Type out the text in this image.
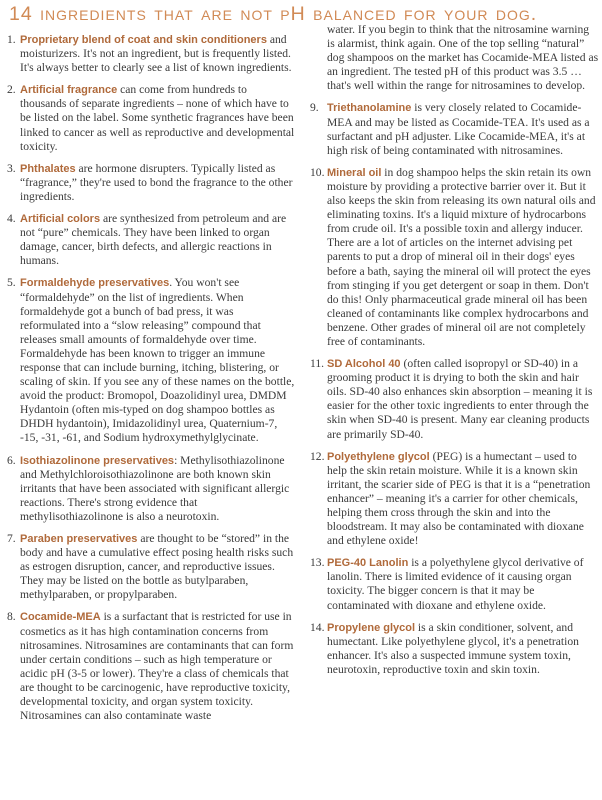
14 ingredients that are not pH balanced for your dog.
1. Proprietary blend of coat and skin conditioners and moisturizers. It's not an ingredient, but is frequently listed. It's always better to clearly see a list of known ingredients.
2. Artificial fragrance can come from hundreds to thousands of separate ingredients – none of which have to be listed on the label. Some synthetic fragrances have been linked to cancer as well as reproductive and developmental toxicity.
3. Phthalates are hormone disrupters. Typically listed as “fragrance,” they're used to bond the fragrance to the other ingredients.
4. Artificial colors are synthesized from petroleum and are not “pure” chemicals. They have been linked to organ damage, cancer, birth defects, and allergic reactions in humans.
5. Formaldehyde preservatives. You won't see “formaldehyde” on the list of ingredients. When formaldehyde got a bunch of bad press, it was reformulated into a “slow releasing” compound that releases small amounts of formaldehyde over time. Formaldehyde has been known to trigger an immune response that can include burning, itching, blistering, or scaling of skin. If you see any of these names on the bottle, avoid the product: Bromopol, Doazolidinyl urea, DMDM Hydantoin (often mis-typed on dog shampoo bottles as DHDH hydantoin), Imidazolidinyl urea, Quaternium-7, -15, -31, -61, and Sodium hydroxymethylglycinate.
6. Isothiazolinone preservatives: Methylisothiazolinone and Methylchloroisothiazolinone are both known skin irritants that have been associated with significant allergic reactions. There's strong evidence that methylisothiazolinone is also a neurotoxin.
7. Paraben preservatives are thought to be “stored” in the body and have a cumulative effect posing health risks such as estrogen disruption, cancer, and reproductive issues. They may be listed on the bottle as butylparaben, methylparaben, or propylparaben.
8. Cocamide-MEA is a surfactant that is restricted for use in cosmetics as it has high contamination concerns from nitrosamines. Nitrosamines are contaminants that can form under certain conditions – such as high temperature or acidic pH (3-5 or lower). They're a class of chemicals that are thought to be carcinogenic, have reproductive toxicity, developmental toxicity, and organ system toxicity. Nitrosamines can also contaminate waste
water. If you begin to think that the nitrosamine warning is alarmist, think again. One of the top selling “natural” dog shampoos on the market has Cocamide-MEA listed as an ingredient. The tested pH of this product was 3.5 … that's well within the range for nitrosamines to develop.
9. Triethanolamine is very closely related to Cocamide-MEA and may be listed as Cocamide-TEA. It's used as a surfactant and pH adjuster. Like Cocamide-MEA, it's at high risk of being contaminated with nitrosamines.
10. Mineral oil in dog shampoo helps the skin retain its own moisture by providing a protective barrier over it. But it also keeps the skin from releasing its own natural oils and eliminating toxins. It's a liquid mixture of hydrocarbons from crude oil. It's a possible toxin and allergy inducer. There are a lot of articles on the internet advising pet parents to put a drop of mineral oil in their dogs' eyes before a bath, saying the mineral oil will protect the eyes from stinging if you get detergent or soap in them. Don't do this! Only pharmaceutical grade mineral oil has been cleaned of contaminants like complex hydrocarbons and benzene. Other grades of mineral oil are not completely free of contaminants.
11. SD Alcohol 40 (often called isopropyl or SD-40) in a grooming product it is drying to both the skin and hair oils. SD-40 also enhances skin absorption – meaning it is easier for the other toxic ingredients to enter through the skin when SD-40 is present. Many ear cleaning products are primarily SD-40.
12. Polyethylene glycol (PEG) is a humectant – used to help the skin retain moisture. While it is a known skin irritant, the scarier side of PEG is that it is a “penetration enhancer” – meaning it's a carrier for other chemicals, helping them cross through the skin and into the bloodstream. It may also be contaminated with dioxane and ethylene oxide!
13. PEG-40 Lanolin is a polyethylene glycol derivative of lanolin. There is limited evidence of it causing organ toxicity. The bigger concern is that it may be contaminated with dioxane and ethylene oxide.
14. Propylene glycol is a skin conditioner, solvent, and humectant. Like polyethylene glycol, it's a penetration enhancer. It's also a suspected immune system toxin, neurotoxin, reproductive toxin and skin toxin.
